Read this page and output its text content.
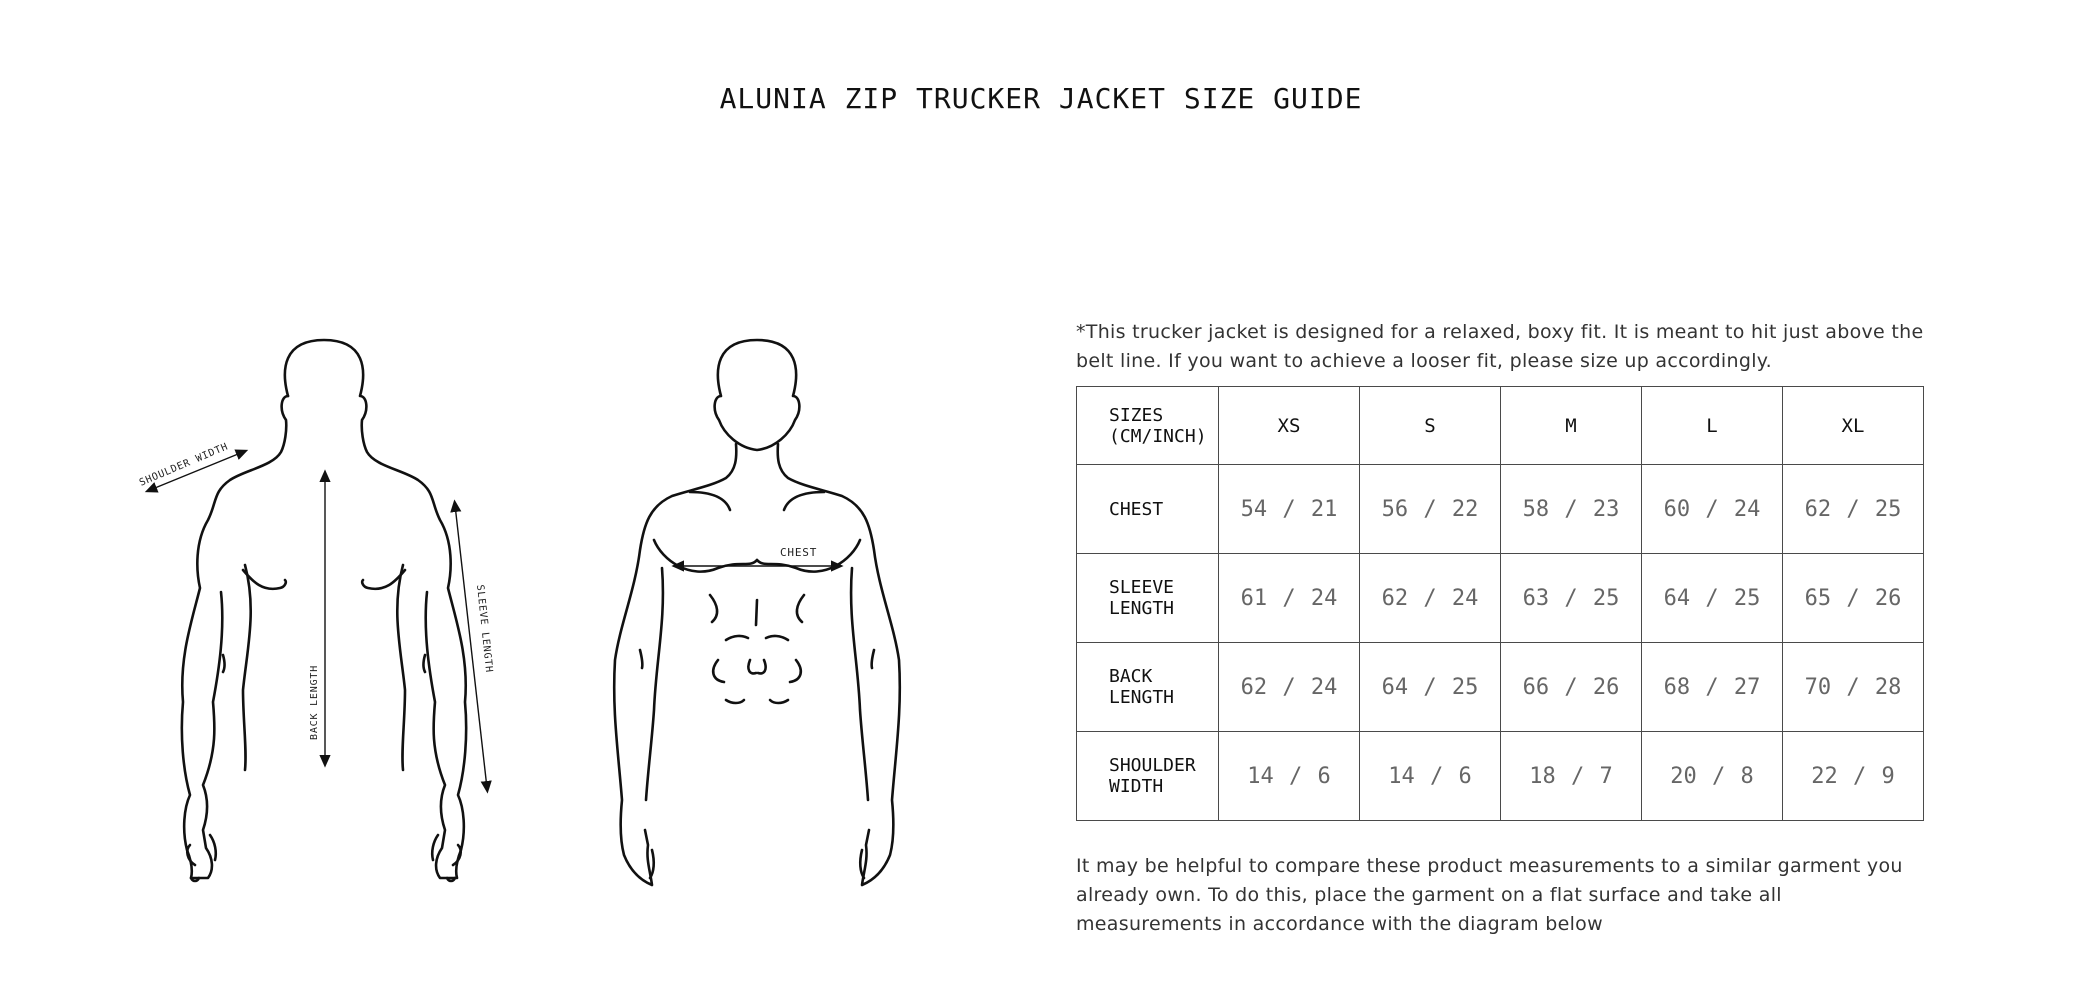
ALUNIA ZIP TRUCKER JACKET SIZE GUIDE
SHOULDER WIDTH
BACK LENGTH
SLEEVE LENGTH
CHEST
*This trucker jacket is designed for a relaxed, boxy fit. It is meant to hit just above the belt line. If you want to achieve a looser fit, please size up accordingly.
SIZES
(CM/INCH)	XS	S	M	L	XL

CHEST	54 / 21	56 / 22	58 / 23	60 / 24	62 / 25

SLEEVE
LENGTH	61 / 24	62 / 24	63 / 25	64 / 25	65 / 26

BACK
LENGTH	62 / 24	64 / 25	66 / 26	68 / 27	70 / 28

SHOULDER
WIDTH	14 / 6	14 / 6	18 / 7	20 / 8	22 / 9
It may be helpful to compare these product measurements to a similar garment you already own. To do this, place the garment on a flat surface and take all measurements in accordance with the diagram below
